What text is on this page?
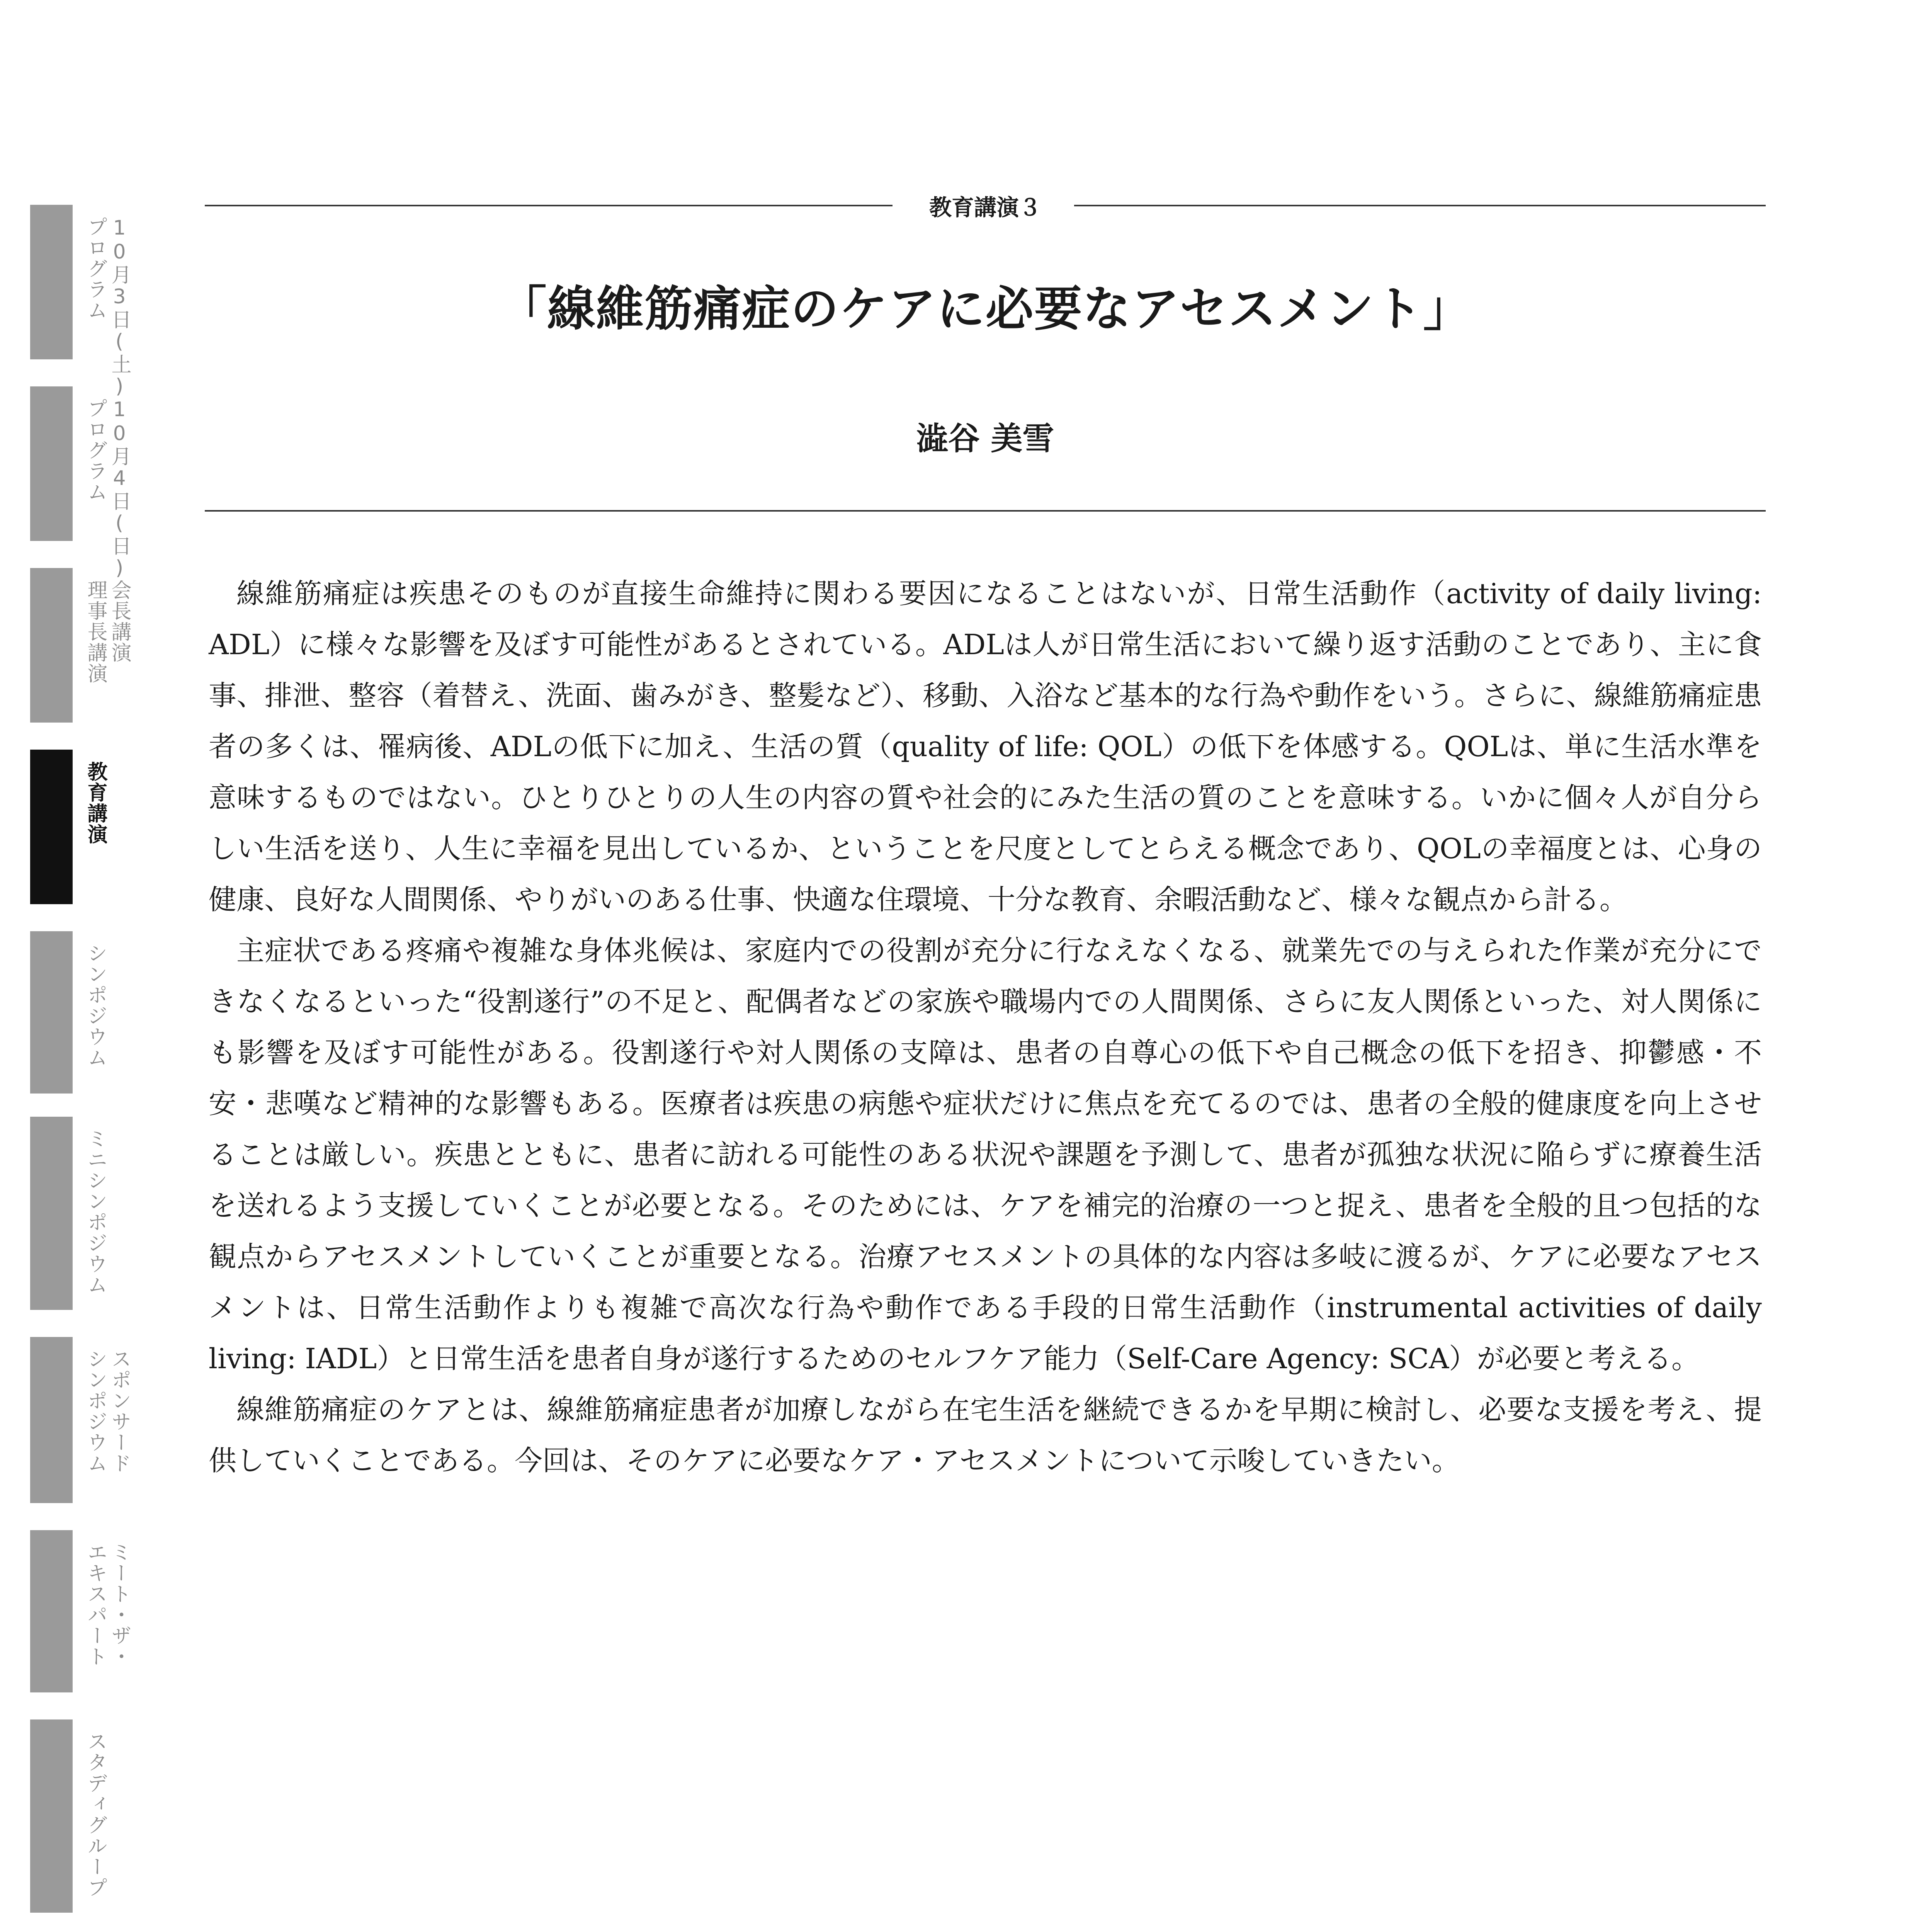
10月3日(土)
プログラム
10月4日(日)
プログラム
会長講演
理事長講演
教育講演
シンポジウム
ミニシンポジウム
スポンサード
シンポジウム
ミート・ザ・
エキスパート
スタディグループ
教育講演３
「線維筋痛症のケアに必要なアセスメント」
澁谷 美雪

線維筋痛症は疾患そのものが直接生命維持に関わる要因になることはないが、日常生活動作（activity of daily living: ADL）に様々な影響を及ぼす可能性があるとされている。ADLは人が日常生活において繰り返す活動のことであり、主に食事、排泄、整容（着替え、洗面、歯みがき、整髪など）、移動、入浴など基本的な行為や動作をいう。さらに、線維筋痛症患者の多くは、罹病後、ADLの低下に加え、生活の質（quality of life: QOL）の低下を体感する。QOLは、単に生活水準を意味するものではない。ひとりひとりの人生の内容の質や社会的にみた生活の質のことを意味する。いかに個々人が自分らしい生活を送り、人生に幸福を見出しているか、ということを尺度としてとらえる概念であり、QOLの幸福度とは、心身の健康、良好な人間関係、やりがいのある仕事、快適な住環境、十分な教育、余暇活動など、様々な観点から計る。

主症状である疼痛や複雑な身体兆候は、家庭内での役割が充分に行なえなくなる、就業先での与えられた作業が充分にできなくなるといった“役割遂行”の不足と、配偶者などの家族や職場内での人間関係、さらに友人関係といった、対人関係にも影響を及ぼす可能性がある。役割遂行や対人関係の支障は、患者の自尊心の低下や自己概念の低下を招き、抑鬱感・不安・悲嘆など精神的な影響もある。医療者は疾患の病態や症状だけに焦点を充てるのでは、患者の全般的健康度を向上させることは厳しい。疾患とともに、患者に訪れる可能性のある状況や課題を予測して、患者が孤独な状況に陥らずに療養生活を送れるよう支援していくことが必要となる。そのためには、ケアを補完的治療の一つと捉え、患者を全般的且つ包括的な観点からアセスメントしていくことが重要となる。治療アセスメントの具体的な内容は多岐に渡るが、ケアに必要なアセスメントは、日常生活動作よりも複雑で高次な行為や動作である手段的日常生活動作（instrumental activities of daily living: IADL）と日常生活を患者自身が遂行するためのセルフケア能力（Self-Care Agency: SCA）が必要と考える。

線維筋痛症のケアとは、線維筋痛症患者が加療しながら在宅生活を継続できるかを早期に検討し、必要な支援を考え、提供していくことである。今回は、そのケアに必要なケア・アセスメントについて示唆していきたい。
